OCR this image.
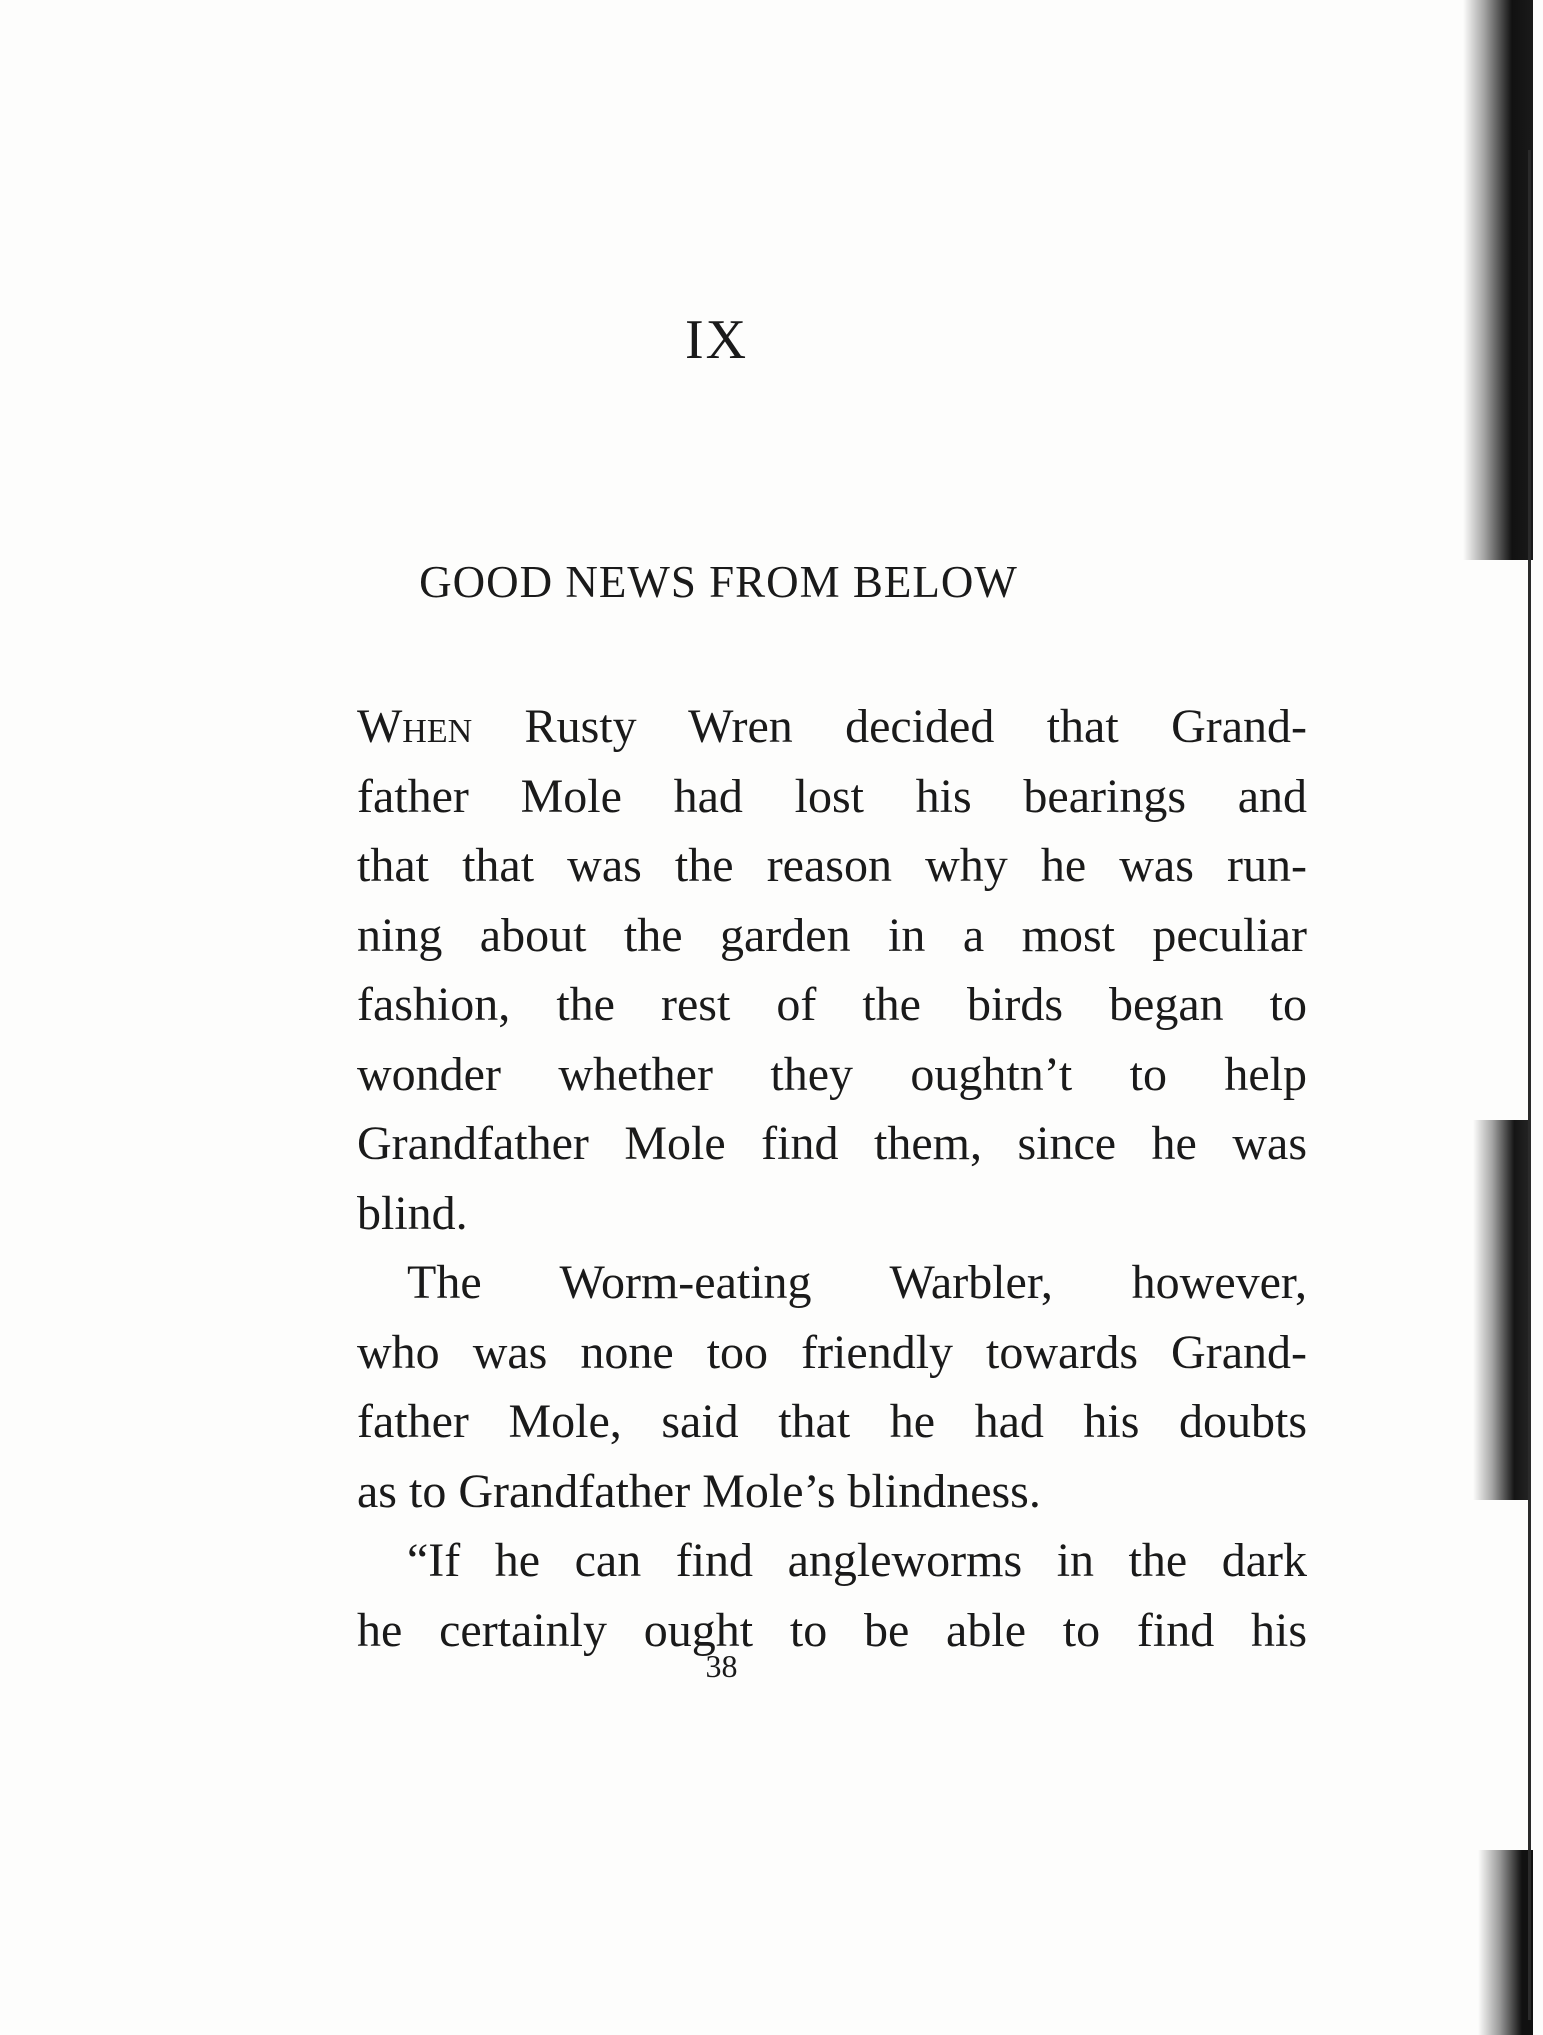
IX
GOOD NEWS FROM BELOW

When Rusty Wren decided that Grand-
father Mole had lost his bearings and
that that was the reason why he was run-
ning about the garden in a most peculiar
fashion, the rest of the birds began to
wonder whether they oughtn’t to help
Grandfather Mole find them, since he was
blind.

The Worm-eating Warbler, however,
who was none too friendly towards Grand-
father Mole, said that he had his doubts
as to Grandfather Mole’s blindness.

“If he can find angleworms in the dark
he certainly ought to be able to find his

38
